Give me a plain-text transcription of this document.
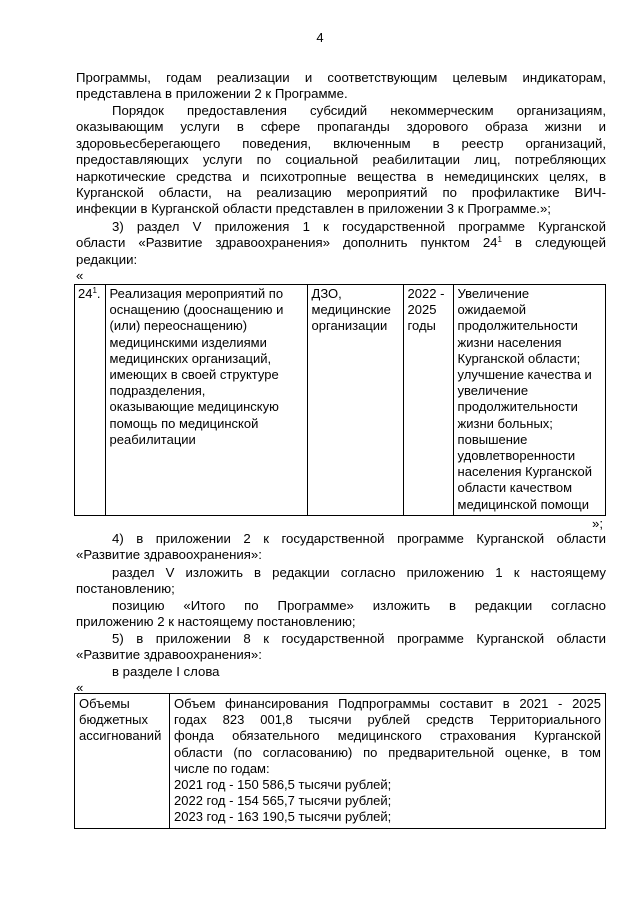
4
Программы, годам реализации и соответствующим целевым индикаторам,
представлена в приложении 2 к Программе.
Порядок предоставления субсидий некоммерческим организациям,
оказывающим услуги в сфере пропаганды здорового образа жизни и
здоровьесберегающего поведения, включенным в реестр организаций,
предоставляющих услуги по социальной реабилитации лиц, потребляющих
наркотические средства и психотропные вещества в немедицинских целях, в
Курганской области, на реализацию мероприятий по профилактике ВИЧ-
инфекции в Курганской области представлен в приложении 3 к Программе.»;
3) раздел V приложения 1 к государственной программе Курганской
области «Развитие здравоохранения» дополнить пунктом $24^1$ в следующей
редакции:
«
$24^1$.	Реализация мероприятий по
оснащению (дооснащению и
(или) переоснащению)
медицинскими изделиями
медицинских организаций,
имеющих в своей структуре
подразделения,
оказывающие медицинскую
помощь по медицинской
реабилитации

ДЗО,
медицинские
организации

2022 -
2025
годы

Увеличение
ожидаемой
продолжительности
жизни населения
Курганской области;
улучшение качества и
увеличение
продолжительности
жизни больных;
повышение
удовлетворенности
населения Курганской
области качеством
медицинской помощи
»;
4) в приложении 2 к государственной программе Курганской области
«Развитие здравоохранения»:
раздел V изложить в редакции согласно приложению 1 к настоящему
постановлению;
позицию «Итого по Программе» изложить в редакции согласно
приложению 2 к настоящему постановлению;
5) в приложении 8 к государственной программе Курганской области
«Развитие здравоохранения»:
в разделе I слова
«
Объемы
бюджетных
ассигнований

Объем финансирования Подпрограммы составит в 2021 - 2025
годах 823 001,8 тысячи рублей средств Территориального
фонда обязательного медицинского страхования Курганской
области (по согласованию) по предварительной оценке, в том
числе по годам:
2021 год - 150 586,5 тысячи рублей;
2022 год - 154 565,7 тысячи рублей;
2023 год - 163 190,5 тысячи рублей;
